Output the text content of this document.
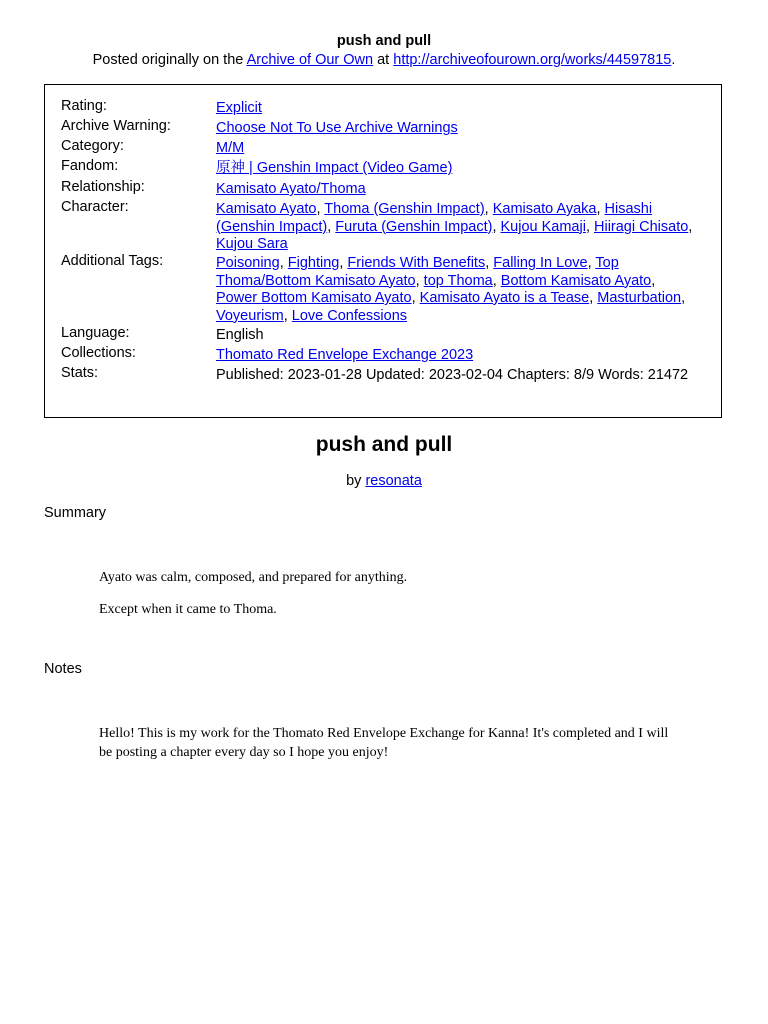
push and pull
Posted originally on the Archive of Our Own at http://archiveofourown.org/works/44597815.
Rating:	Explicit
Archive Warning:	Choose Not To Use Archive Warnings
Category:	M/M
Fandom:	原神 | Genshin Impact (Video Game)
Relationship:	Kamisato Ayato/Thoma
Character:	Kamisato Ayato, Thoma (Genshin Impact), Kamisato Ayaka, Hisashi (Genshin Impact), Furuta (Genshin Impact), Kujou Kamaji, Hiiragi Chisato, Kujou Sara
Additional Tags:	Poisoning, Fighting, Friends With Benefits, Falling In Love, Top Thoma/Bottom Kamisato Ayato, top Thoma, Bottom Kamisato Ayato, Power Bottom Kamisato Ayato, Kamisato Ayato is a Tease, Masturbation, Voyeurism, Love Confessions
Language:	English
Collections:	Thomato Red Envelope Exchange 2023
Stats:	Published: 2023-01-28 Updated: 2023-02-04 Chapters: 8/9 Words: 21472
push and pull
by resonata
Summary
Ayato was calm, composed, and prepared for anything.
Except when it came to Thoma.
Notes
Hello! This is my work for the Thomato Red Envelope Exchange for Kanna! It's completed and I will be posting a chapter every day so I hope you enjoy!
